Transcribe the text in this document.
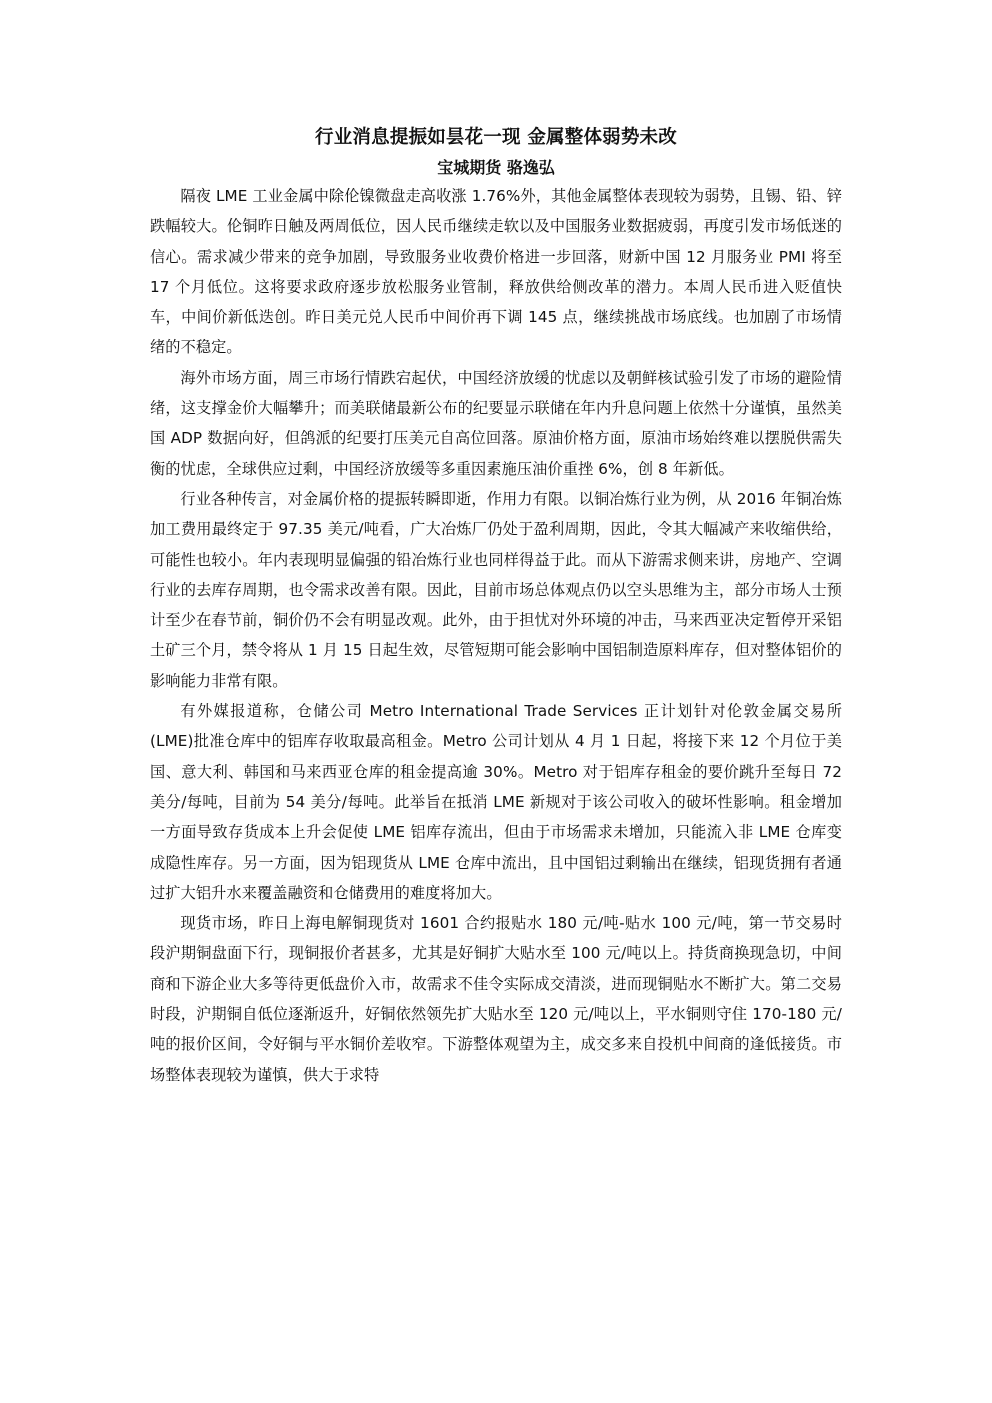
行业消息提振如昙花一现 金属整体弱势未改
宝城期货 骆逸弘

隔夜 LME 工业金属中除伦镍微盘走高收涨 1.76%外，其他金属整体表现较为弱势，且锡、铅、锌跌幅较大。伦铜昨日触及两周低位，因人民币继续走软以及中国服务业数据疲弱，再度引发市场低迷的信心。需求减少带来的竞争加剧，导致服务业收费价格进一步回落，财新中国 12 月服务业 PMI 将至 17 个月低位。这将要求政府逐步放松服务业管制，释放供给侧改革的潜力。本周人民币进入贬值快车，中间价新低迭创。昨日美元兑人民币中间价再下调 145 点，继续挑战市场底线。也加剧了市场情绪的不稳定。

海外市场方面，周三市场行情跌宕起伏，中国经济放缓的忧虑以及朝鲜核试验引发了市场的避险情绪，这支撑金价大幅攀升；而美联储最新公布的纪要显示联储在年内升息问题上依然十分谨慎，虽然美国 ADP 数据向好，但鸽派的纪要打压美元自高位回落。原油价格方面，原油市场始终难以摆脱供需失衡的忧虑，全球供应过剩，中国经济放缓等多重因素施压油价重挫 6%，创 8 年新低。

行业各种传言，对金属价格的提振转瞬即逝，作用力有限。以铜冶炼行业为例，从 2016 年铜冶炼加工费用最终定于 97.35 美元/吨看，广大冶炼厂仍处于盈利周期，因此，令其大幅减产来收缩供给，可能性也较小。年内表现明显偏强的铅冶炼行业也同样得益于此。而从下游需求侧来讲，房地产、空调行业的去库存周期，也令需求改善有限。因此，目前市场总体观点仍以空头思维为主，部分市场人士预计至少在春节前，铜价仍不会有明显改观。此外，由于担忧对外环境的冲击，马来西亚决定暂停开采铝土矿三个月，禁令将从 1 月 15 日起生效，尽管短期可能会影响中国铝制造原料库存，但对整体铝价的影响能力非常有限。

有外媒报道称，仓储公司 Metro International Trade Services 正计划针对伦敦金属交易所(LME)批准仓库中的铝库存收取最高租金。Metro 公司计划从 4 月 1 日起，将接下来 12 个月位于美国、意大利、韩国和马来西亚仓库的租金提高逾 30%。Metro 对于铝库存租金的要价跳升至每日 72 美分/每吨，目前为 54 美分/每吨。此举旨在抵消 LME 新规对于该公司收入的破坏性影响。租金增加一方面导致存货成本上升会促使 LME 铝库存流出，但由于市场需求未增加，只能流入非 LME 仓库变成隐性库存。另一方面，因为铝现货从 LME 仓库中流出，且中国铝过剩输出在继续，铝现货拥有者通过扩大铝升水来覆盖融资和仓储费用的难度将加大。

现货市场，昨日上海电解铜现货对 1601 合约报贴水 180 元/吨-贴水 100 元/吨，第一节交易时段沪期铜盘面下行，现铜报价者甚多，尤其是好铜扩大贴水至 100 元/吨以上。持货商换现急切，中间商和下游企业大多等待更低盘价入市，故需求不佳令实际成交清淡，进而现铜贴水不断扩大。第二交易时段，沪期铜自低位逐渐返升，好铜依然领先扩大贴水至 120 元/吨以上，平水铜则守住 170-180 元/吨的报价区间，令好铜与平水铜价差收窄。下游整体观望为主，成交多来自投机中间商的逢低接货。市场整体表现较为谨慎，供大于求特
